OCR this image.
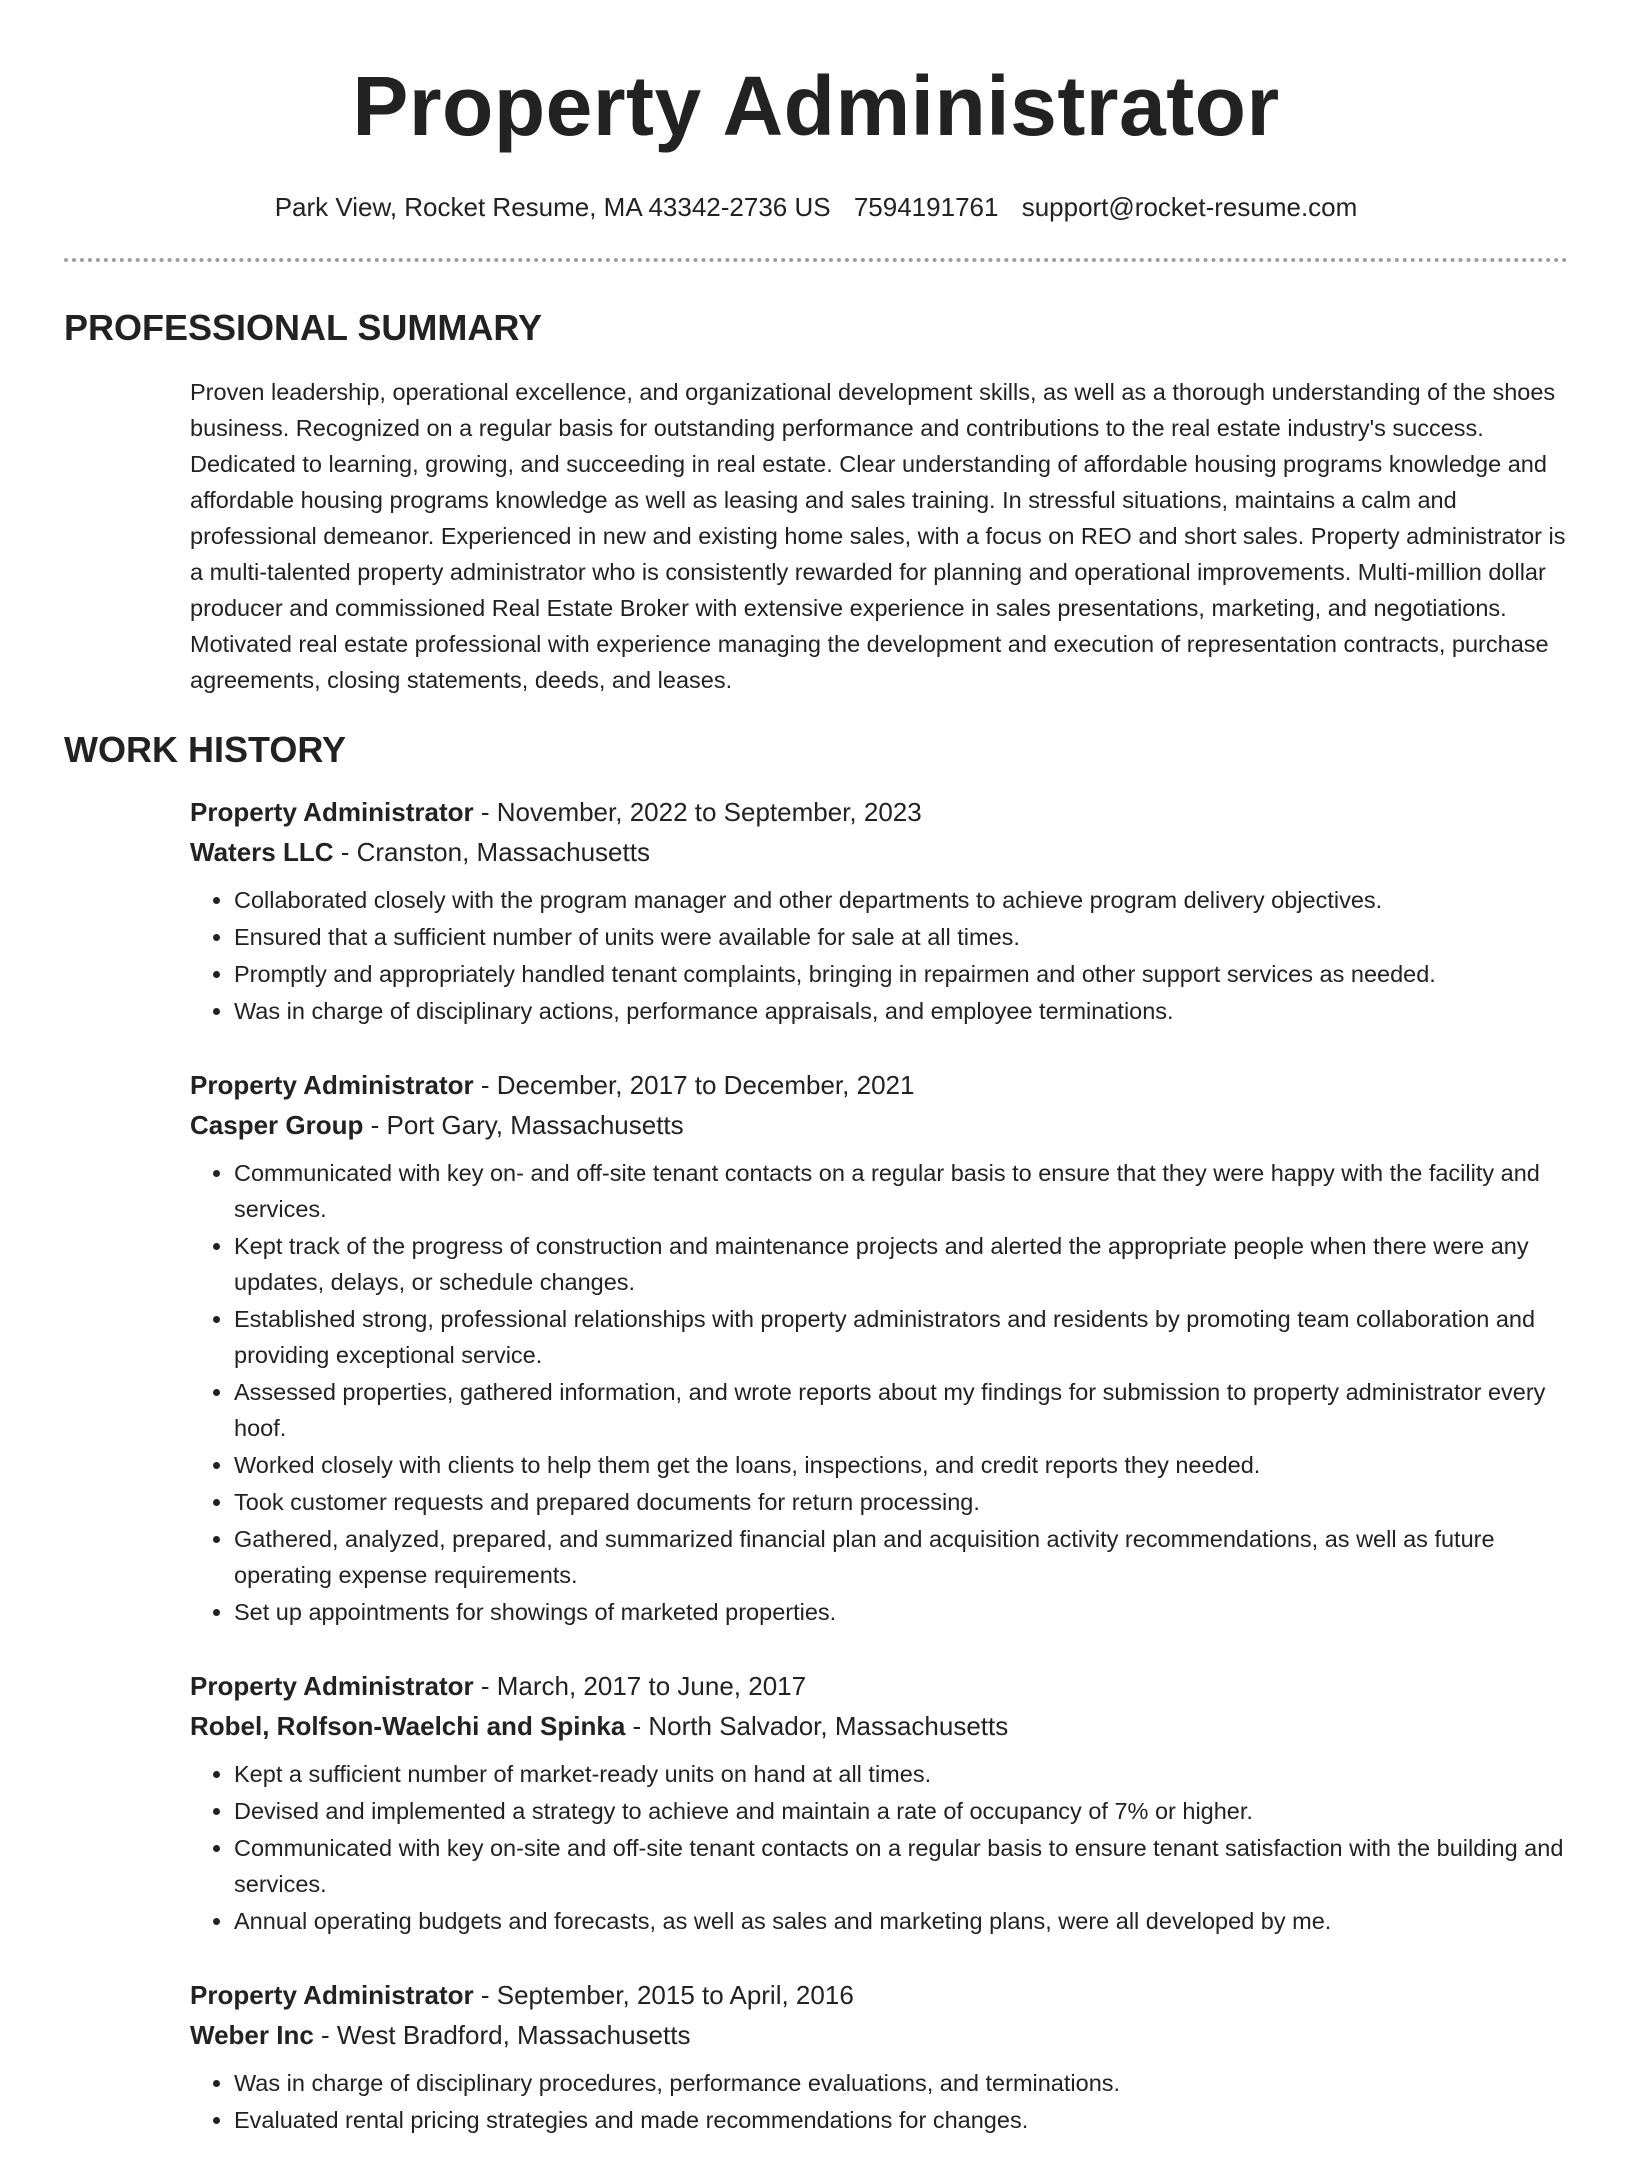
Property Administrator
Park View, Rocket Resume, MA 43342-2736 US 7594191761 support@rocket-resume.com
PROFESSIONAL SUMMARY
Proven leadership, operational excellence, and organizational development skills, as well as a thorough understanding of the shoes business. Recognized on a regular basis for outstanding performance and contributions to the real estate industry's success. Dedicated to learning, growing, and succeeding in real estate. Clear understanding of affordable housing programs knowledge and affordable housing programs knowledge as well as leasing and sales training. In stressful situations, maintains a calm and professional demeanor. Experienced in new and existing home sales, with a focus on REO and short sales. Property administrator is a multi-talented property administrator who is consistently rewarded for planning and operational improvements. Multi-million dollar producer and commissioned Real Estate Broker with extensive experience in sales presentations, marketing, and negotiations. Motivated real estate professional with experience managing the development and execution of representation contracts, purchase agreements, closing statements, deeds, and leases.
WORK HISTORY
Property Administrator - November, 2022 to September, 2023
Waters LLC - Cranston, Massachusetts
• Collaborated closely with the program manager and other departments to achieve program delivery objectives.
• Ensured that a sufficient number of units were available for sale at all times.
• Promptly and appropriately handled tenant complaints, bringing in repairmen and other support services as needed.
• Was in charge of disciplinary actions, performance appraisals, and employee terminations.
Property Administrator - December, 2017 to December, 2021
Casper Group - Port Gary, Massachusetts
• Communicated with key on- and off-site tenant contacts on a regular basis to ensure that they were happy with the facility and services.
• Kept track of the progress of construction and maintenance projects and alerted the appropriate people when there were any updates, delays, or schedule changes.
• Established strong, professional relationships with property administrators and residents by promoting team collaboration and providing exceptional service.
• Assessed properties, gathered information, and wrote reports about my findings for submission to property administrator every hoof.
• Worked closely with clients to help them get the loans, inspections, and credit reports they needed.
• Took customer requests and prepared documents for return processing.
• Gathered, analyzed, prepared, and summarized financial plan and acquisition activity recommendations, as well as future operating expense requirements.
• Set up appointments for showings of marketed properties.
Property Administrator - March, 2017 to June, 2017
Robel, Rolfson-Waelchi and Spinka - North Salvador, Massachusetts
• Kept a sufficient number of market-ready units on hand at all times.
• Devised and implemented a strategy to achieve and maintain a rate of occupancy of 7% or higher.
• Communicated with key on-site and off-site tenant contacts on a regular basis to ensure tenant satisfaction with the building and services.
• Annual operating budgets and forecasts, as well as sales and marketing plans, were all developed by me.
Property Administrator - September, 2015 to April, 2016
Weber Inc - West Bradford, Massachusetts
• Was in charge of disciplinary procedures, performance evaluations, and terminations.
• Evaluated rental pricing strategies and made recommendations for changes.
